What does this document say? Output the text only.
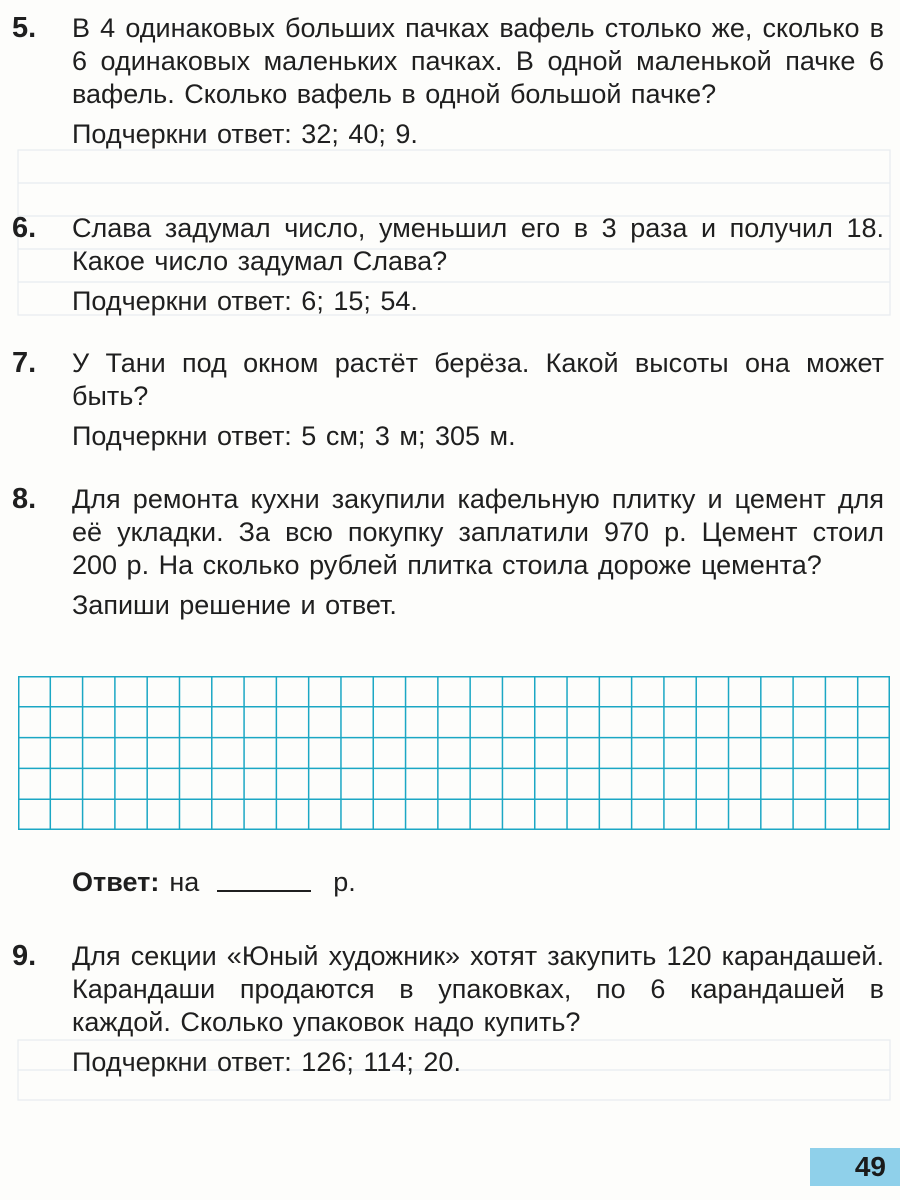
5.	В 4 одинаковых больших пачках вафель столько же, сколько в 6 одинаковых маленьких пачках. В одной маленькой пачке 6 вафель. Сколько вафель в одной большой пачке?
Подчеркни ответ: 32; 40; 9.
6.	Слава задумал число, уменьшил его в 3 раза и получил 18. Какое число задумал Слава?
Подчеркни ответ: 6; 15; 54.
7.	У Тани под окном растёт берёза. Какой высоты она может быть?
Подчеркни ответ: 5 см; 3 м; 305 м.
8.	Для ремонта кухни закупили кафельную плитку и цемент для её укладки. За всю покупку заплатили 970 р. Цемент стоил 200 р. На сколько рублей плитка стоила дороже цемента?
Запиши решение и ответ.
Ответ: на	р.
9.	Для секции «Юный художник» хотят закупить 120 карандашей. Карандаши продаются в упаковках, по 6 карандашей в каждой. Сколько упаковок надо купить?
Подчеркни ответ: 126; 114; 20.
49
